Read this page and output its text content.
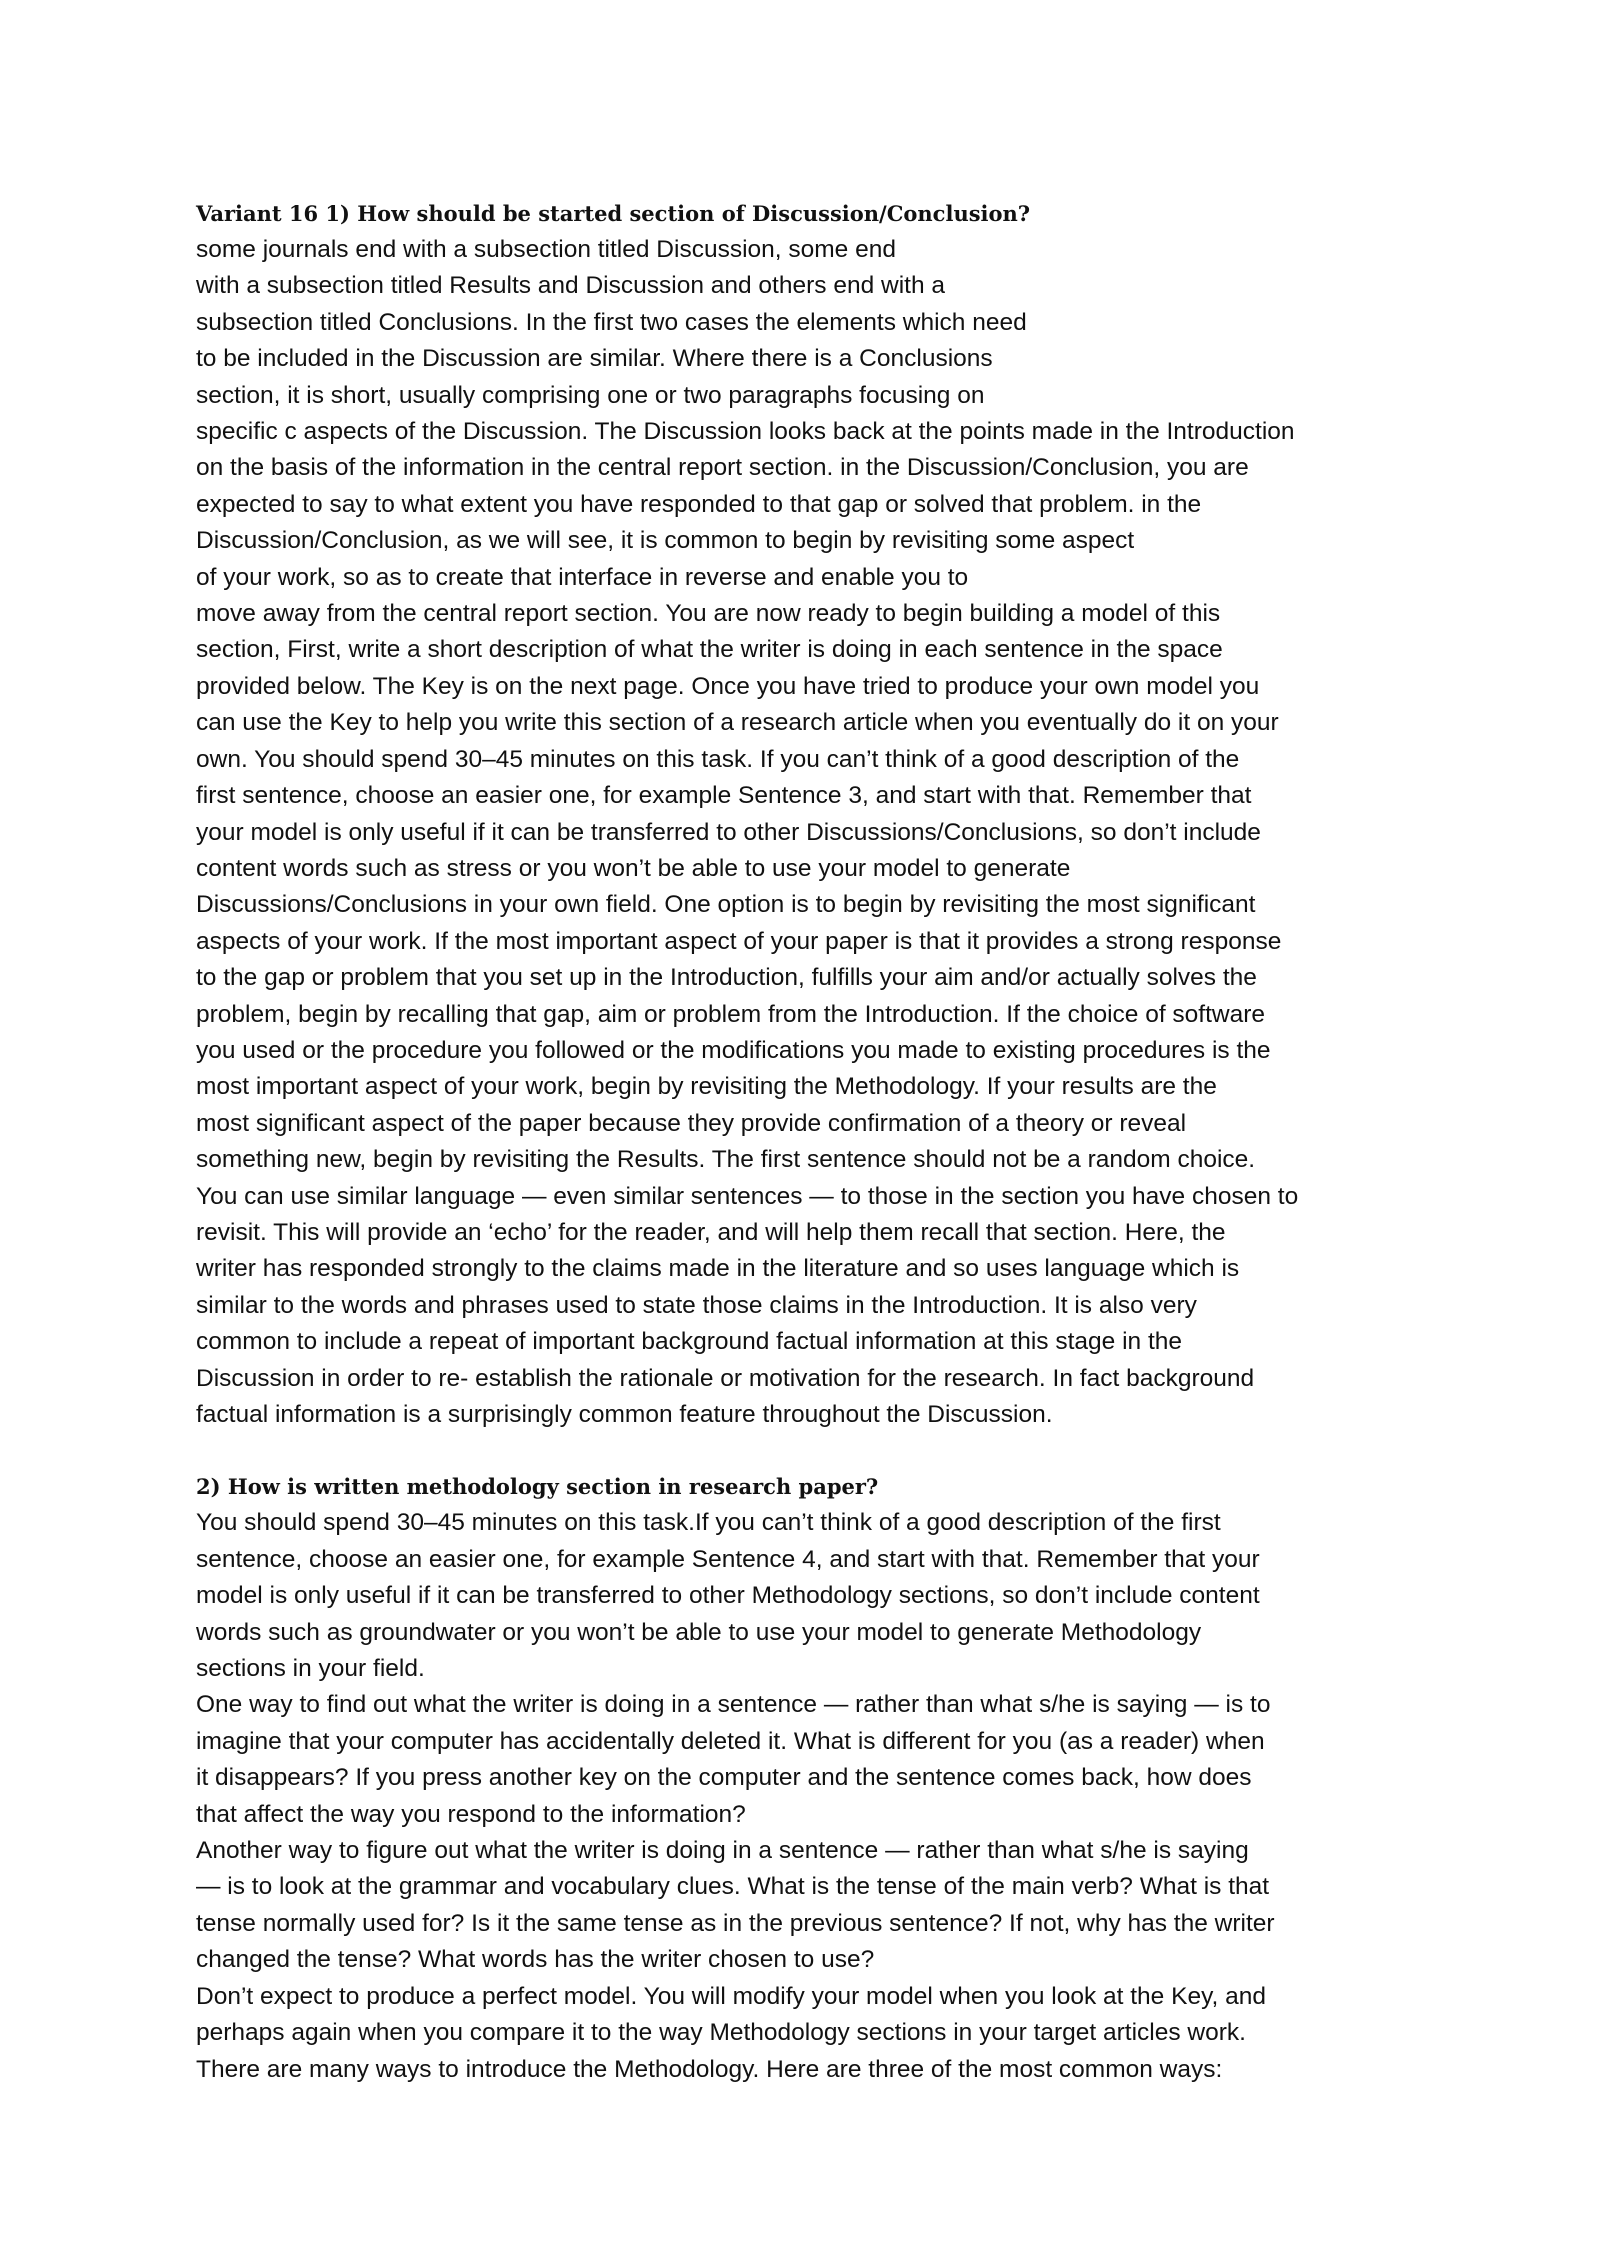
Variant 16 1) How should be started section of Discussion/Conclusion?

some journals end with a subsection titled Discussion, some end

with a subsection titled Results and Discussion and others end with a

subsection titled Conclusions. In the first two cases the elements which need

to be included in the Discussion are similar. Where there is a Conclusions

section, it is short, usually comprising one or two paragraphs focusing on

specific c aspects of the Discussion. The Discussion looks back at the points made in the Introduction

on the basis of the information in the central report section. in the Discussion/Conclusion, you are

expected to say to what extent you have responded to that gap or solved that problem. in the

Discussion/Conclusion, as we will see, it is common to begin by revisiting some aspect

of your work, so as to create that interface in reverse and enable you to

move away from the central report section. You are now ready to begin building a model of this

section, First, write a short description of what the writer is doing in each sentence in the space

provided below. The Key is on the next page. Once you have tried to produce your own model you

can use the Key to help you write this section of a research article when you eventually do it on your

own. You should spend 30–45 minutes on this task. If you can’t think of a good description of the

first sentence, choose an easier one, for example Sentence 3, and start with that. Remember that

your model is only useful if it can be transferred to other Discussions/Conclusions, so don’t include

content words such as stress or you won’t be able to use your model to generate

Discussions/Conclusions in your own field. One option is to begin by revisiting the most significant

aspects of your work. If the most important aspect of your paper is that it provides a strong response

to the gap or problem that you set up in the Introduction, fulfills your aim and/or actually solves the

problem, begin by recalling that gap, aim or problem from the Introduction. If the choice of software

you used or the procedure you followed or the modifications you made to existing procedures is the

most important aspect of your work, begin by revisiting the Methodology. If your results are the

most significant aspect of the paper because they provide confirmation of a theory or reveal

something new, begin by revisiting the Results. The first sentence should not be a random choice.

You can use similar language — even similar sentences — to those in the section you have chosen to

revisit. This will provide an ‘echo’ for the reader, and will help them recall that section. Here, the

writer has responded strongly to the claims made in the literature and so uses language which is

similar to the words and phrases used to state those claims in the Introduction. It is also very

common to include a repeat of important background factual information at this stage in the

Discussion in order to re- establish the rationale or motivation for the research. In fact background

factual information is a surprisingly common feature throughout the Discussion.

2) How is written methodology section in research paper?

You should spend 30–45 minutes on this task.If you can’t think of a good description of the first

sentence, choose an easier one, for example Sentence 4, and start with that. Remember that your

model is only useful if it can be transferred to other Methodology sections, so don’t include content

words such as groundwater or you won’t be able to use your model to generate Methodology

sections in your field.

One way to find out what the writer is doing in a sentence — rather than what s/he is saying — is to

imagine that your computer has accidentally deleted it. What is different for you (as a reader) when

it disappears? If you press another key on the computer and the sentence comes back, how does

that affect the way you respond to the information?

Another way to figure out what the writer is doing in a sentence — rather than what s/he is saying

— is to look at the grammar and vocabulary clues. What is the tense of the main verb? What is that

tense normally used for? Is it the same tense as in the previous sentence? If not, why has the writer

changed the tense? What words has the writer chosen to use?

Don’t expect to produce a perfect model. You will modify your model when you look at the Key, and

perhaps again when you compare it to the way Methodology sections in your target articles work.

There are many ways to introduce the Methodology. Here are three of the most common ways:
